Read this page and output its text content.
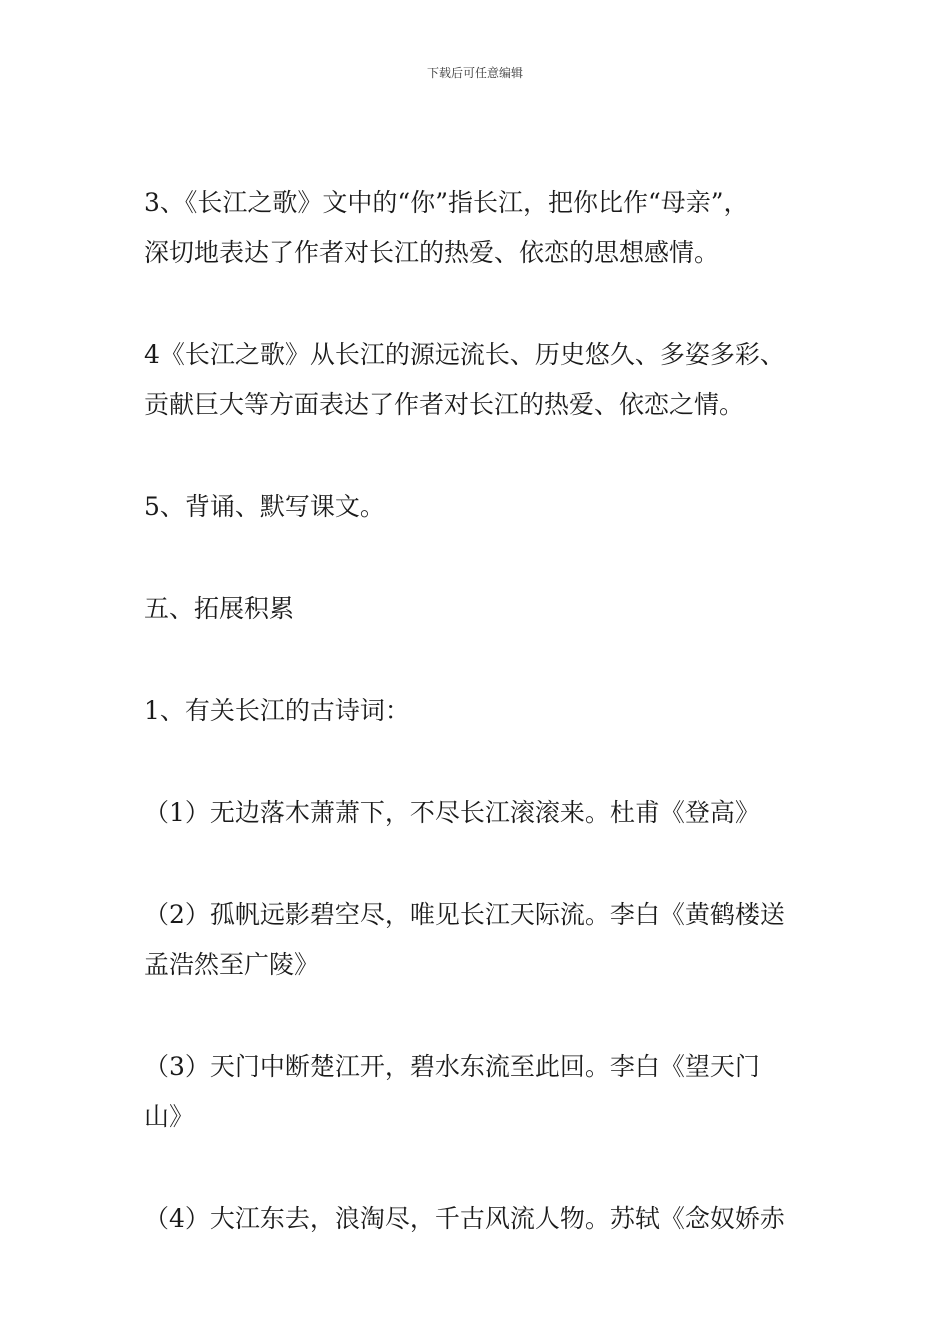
下载后可任意编辑

3、《长江之歌》文中的“你”指长江，把你比作“母亲”，
深切地表达了作者对长江的热爱、依恋的思想感情。

4《长江之歌》从长江的源远流长、历史悠久、多姿多彩、
贡献巨大等方面表达了作者对长江的热爱、依恋之情。

5、背诵、默写课文。

五、拓展积累

1、有关长江的古诗词：

（1）无边落木萧萧下，不尽长江滚滚来。杜甫《登高》

（2）孤帆远影碧空尽，唯见长江天际流。李白《黄鹤楼送
孟浩然至广陵》

（3）天门中断楚江开，碧水东流至此回。李白《望天门
山》

（4）大江东去，浪淘尽，千古风流人物。苏轼《念奴娇赤
